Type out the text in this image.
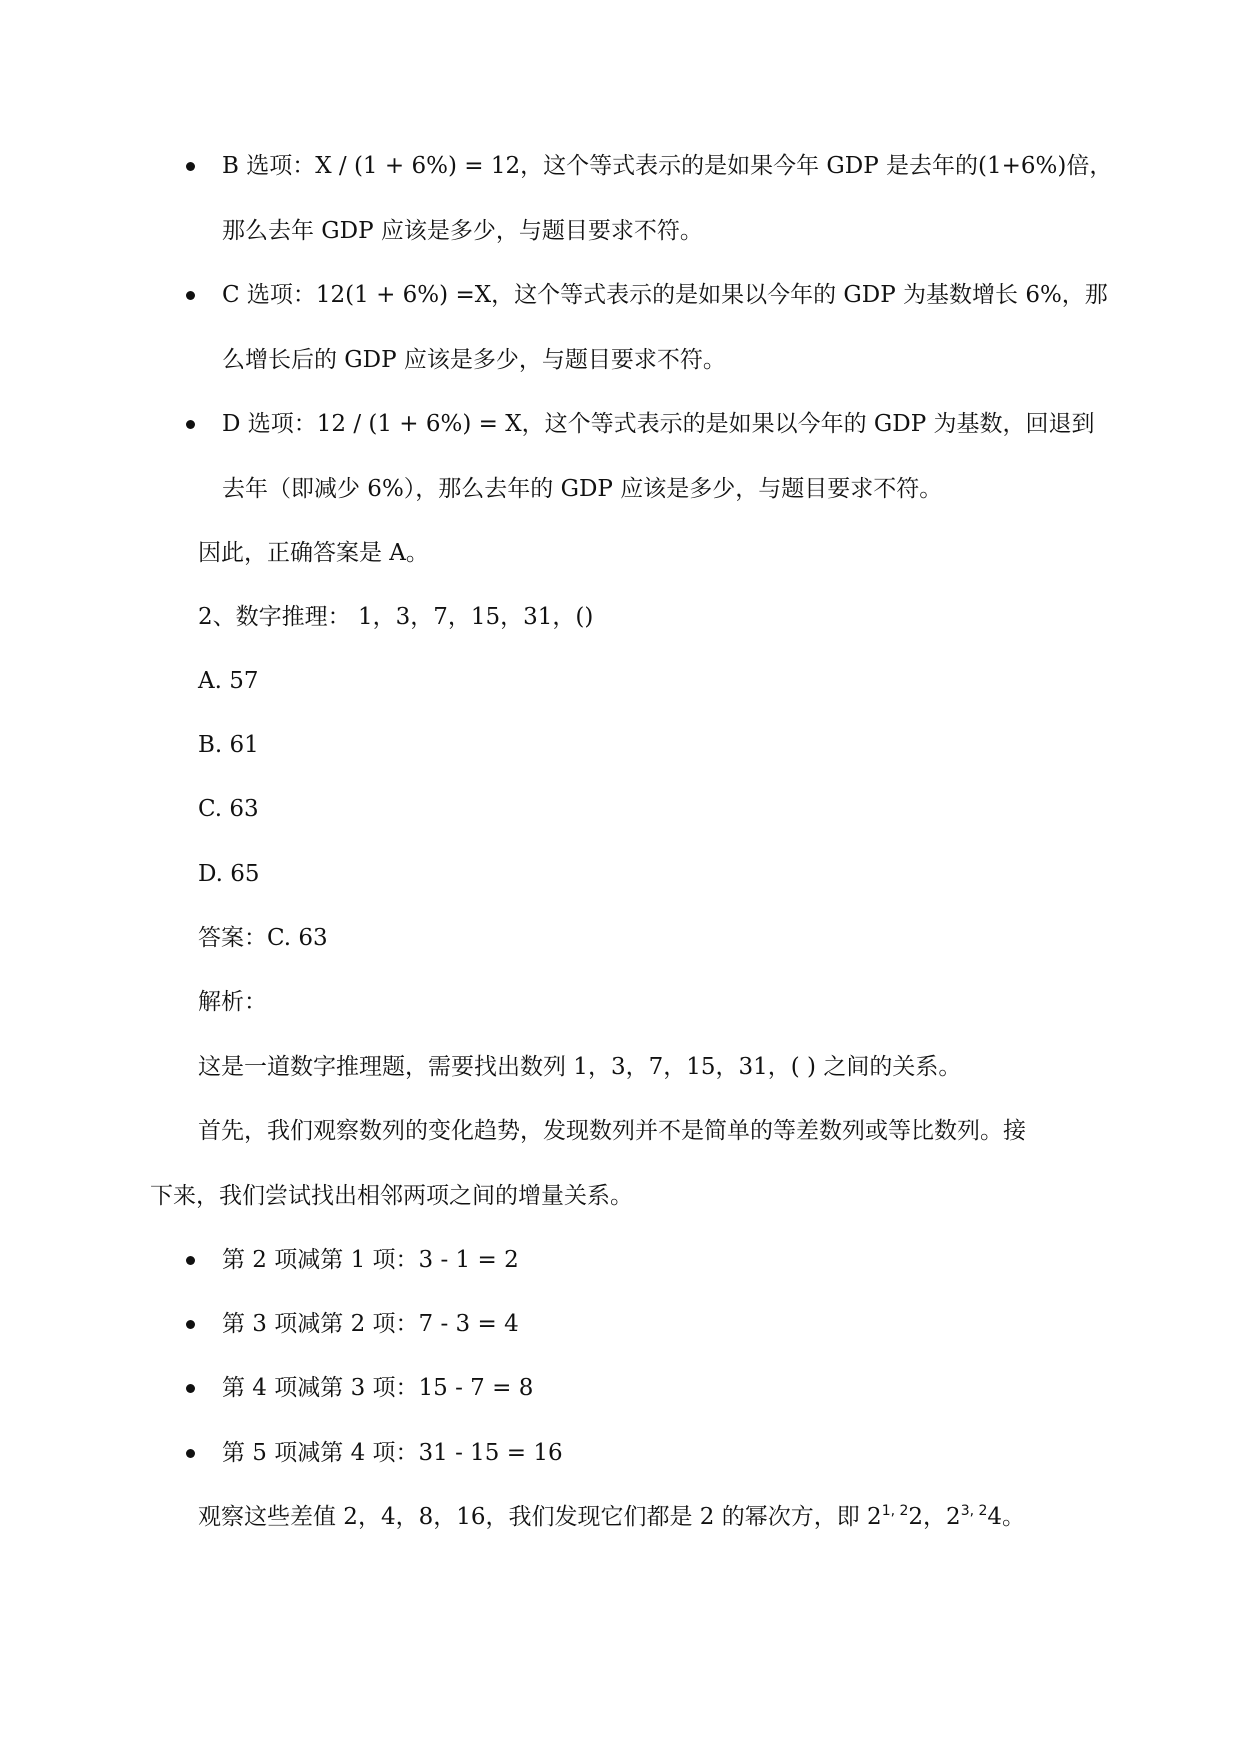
B 选项：X / (1 + 6%) = 12，这个等式表示的是如果今年 GDP 是去年的(1+6%)倍，
那么去年 GDP 应该是多少，与题目要求不符。
C 选项：12(1 + 6%) =X，这个等式表示的是如果以今年的 GDP 为基数增长 6%，那
么增长后的 GDP 应该是多少，与题目要求不符。
D 选项：12 / (1 + 6%) = X，这个等式表示的是如果以今年的 GDP 为基数，回退到
去年（即减少 6%），那么去年的 GDP 应该是多少，与题目要求不符。
因此，正确答案是 A。
2、数字推理： 1，3，7，15，31，()
A. 57
B. 61
C. 63
D. 65
答案：C. 63
解析：
这是一道数字推理题，需要找出数列 1，3，7，15，31，( ) 之间的关系。
首先，我们观察数列的变化趋势，发现数列并不是简单的等差数列或等比数列。接
下来，我们尝试找出相邻两项之间的增量关系。
第 2 项减第 1 项：3 - 1 = 2
第 3 项减第 2 项：7 - 3 = 4
第 4 项减第 3 项：15 - 7 = 8
第 5 项减第 4 项：31 - 15 = 16
观察这些差值 2，4，8，16，我们发现它们都是 2 的幂次方，即 2$^{1, 2}$2，2$^{3, 2}$4。
